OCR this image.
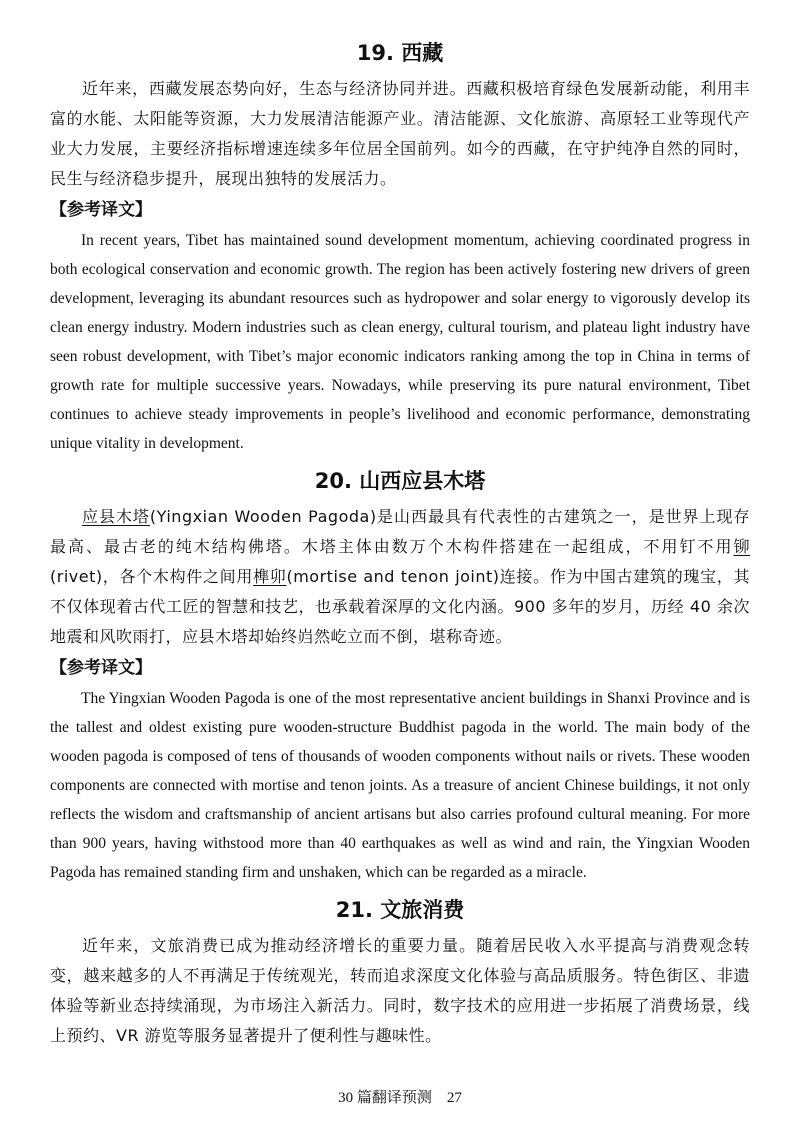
19. 西藏

近年来，西藏发展态势向好，生态与经济协同并进。西藏积极培育绿色发展新动能，利用丰富的水能、太阳能等资源，大力发展清洁能源产业。清洁能源、文化旅游、高原轻工业等现代产业大力发展，主要经济指标增速连续多年位居全国前列。如今的西藏，在守护纯净自然的同时，民生与经济稳步提升，展现出独特的发展活力。

【参考译文】

In recent years, Tibet has maintained sound development momentum, achieving coordinated progress in both ecological conservation and economic growth. The region has been actively fostering new drivers of green development, leveraging its abundant resources such as hydropower and solar energy to vigorously develop its clean energy industry. Modern industries such as clean energy, cultural tourism, and plateau light industry have seen robust development, with Tibet’s major economic indicators ranking among the top in China in terms of growth rate for multiple successive years. Nowadays, while preserving its pure natural environment, Tibet continues to achieve steady improvements in people’s livelihood and economic performance, demonstrating unique vitality in development.

20. 山西应县木塔

应县木塔(Yingxian Wooden Pagoda)是山西最具有代表性的古建筑之一，是世界上现存最高、最古老的纯木结构佛塔。木塔主体由数万个木构件搭建在一起组成，不用钉不用铆(rivet)，各个木构件之间用榫卯(mortise and tenon joint)连接。作为中国古建筑的瑰宝，其不仅体现着古代工匠的智慧和技艺，也承载着深厚的文化内涵。900 多年的岁月，历经 40 余次地震和风吹雨打，应县木塔却始终岿然屹立而不倒，堪称奇迹。

【参考译文】

The Yingxian Wooden Pagoda is one of the most representative ancient buildings in Shanxi Province and is the tallest and oldest existing pure wooden-structure Buddhist pagoda in the world. The main body of the wooden pagoda is composed of tens of thousands of wooden components without nails or rivets. These wooden components are connected with mortise and tenon joints. As a treasure of ancient Chinese buildings, it not only reflects the wisdom and craftsmanship of ancient artisans but also carries profound cultural meaning. For more than 900 years, having withstood more than 40 earthquakes as well as wind and rain, the Yingxian Wooden Pagoda has remained standing firm and unshaken, which can be regarded as a miracle.

21. 文旅消费

近年来，文旅消费已成为推动经济增长的重要力量。随着居民收入水平提高与消费观念转变，越来越多的人不再满足于传统观光，转而追求深度文化体验与高品质服务。特色街区、非遗体验等新业态持续涌现，为市场注入新活力。同时，数字技术的应用进一步拓展了消费场景，线上预约、VR 游览等服务显著提升了便利性与趣味性。

30 篇翻译预测　27
